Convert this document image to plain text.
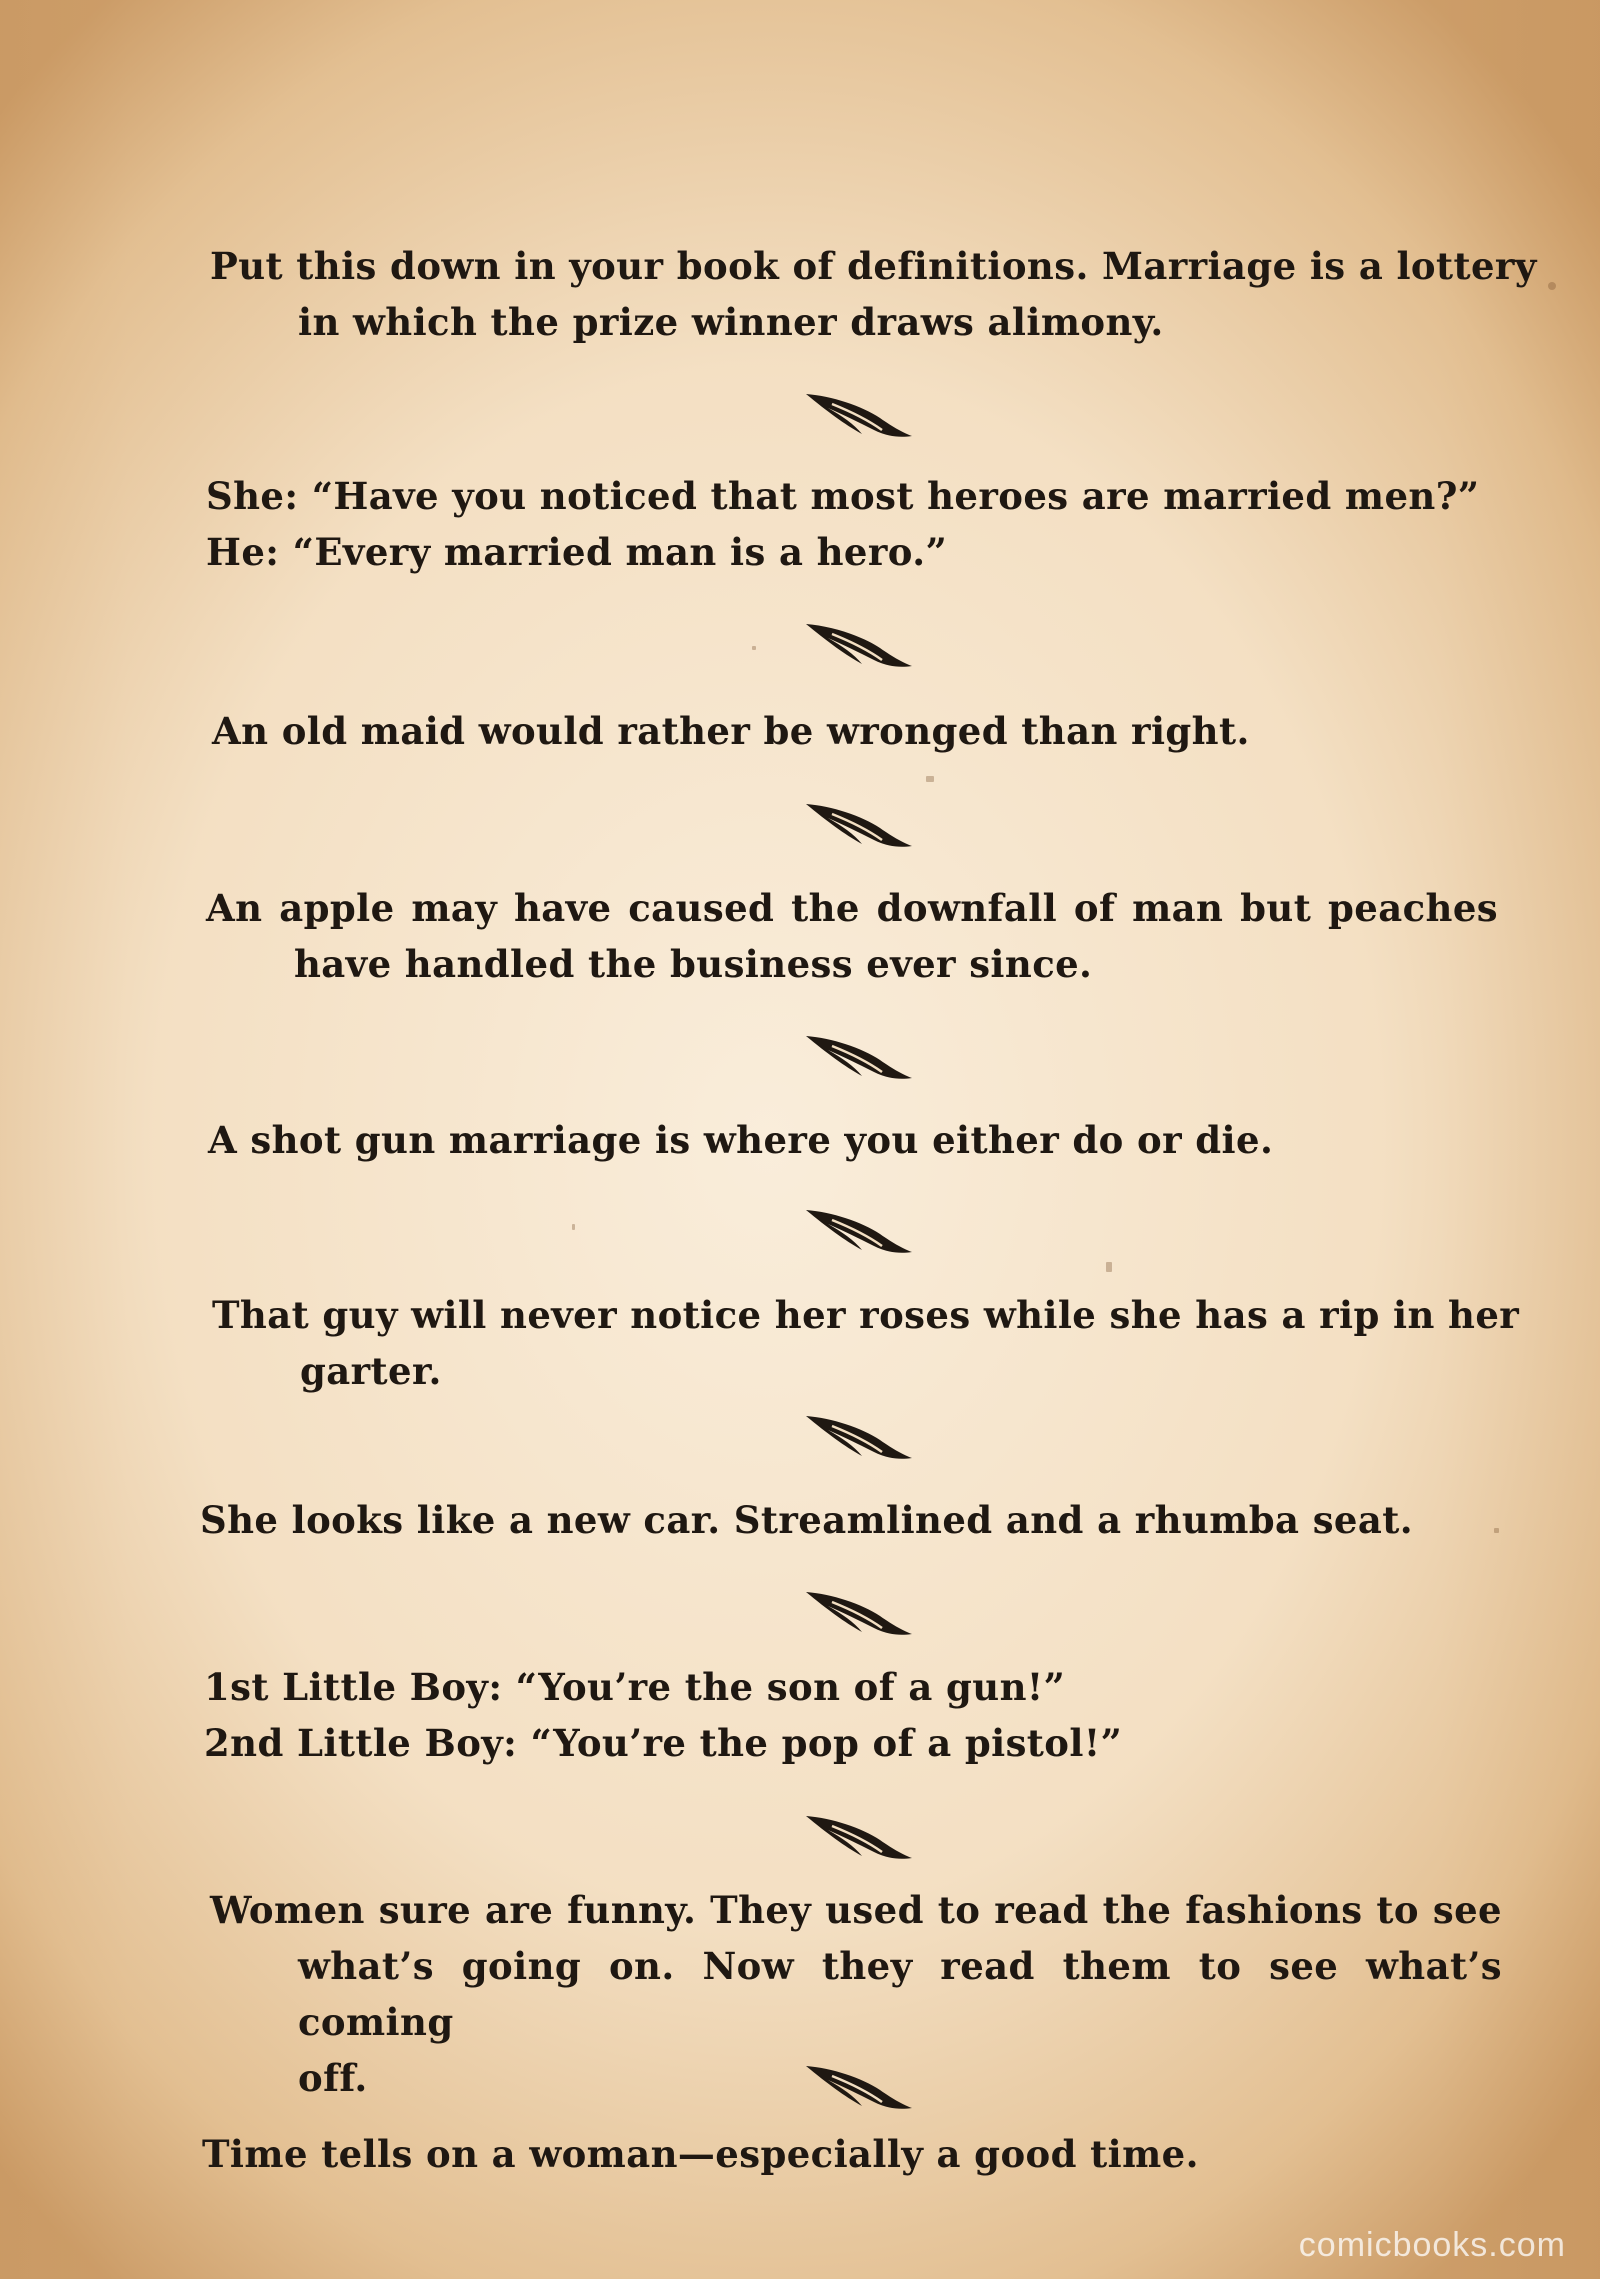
Put this down in your book of definitions. Marriage is a lottery
in which the prize winner draws alimony.
She: “Have you noticed that most heroes are married men?”
He: “Every married man is a hero.”
An old maid would rather be wronged than right.
An apple may have caused the downfall of man but peaches
have handled the business ever since.
A shot gun marriage is where you either do or die.
That guy will never notice her roses while she has a rip in her
garter.
She looks like a new car. Streamlined and a rhumba seat.
1st Little Boy: “You’re the son of a gun!”
2nd Little Boy: “You’re the pop of a pistol!”
Women sure are funny. They used to read the fashions to see
what’s going on. Now they read them to see what’s coming
off.
Time tells on a woman—especially a good time.
comicbooks.com
